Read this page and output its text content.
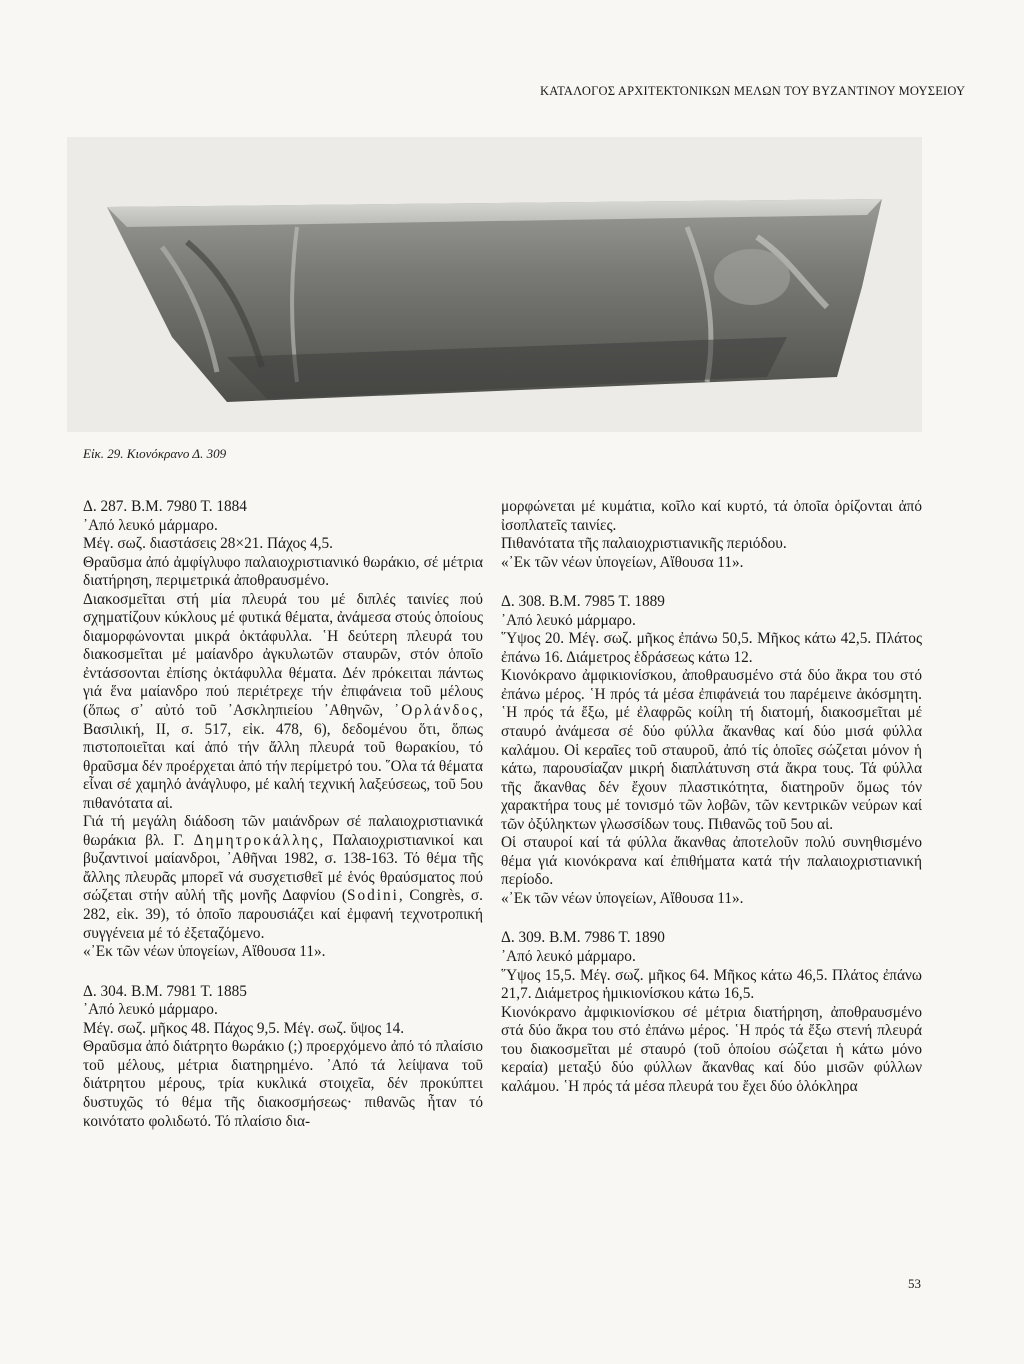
ΚΑΤΑΛΟΓΟΣ ΑΡΧΙΤΕΚΤΟΝΙΚΩΝ ΜΕΛΩΝ ΤΟΥ ΒΥΖΑΝΤΙΝΟΥ ΜΟΥΣΕΙΟΥ
Εἰκ. 29. Κιονόκρανο Δ. 309

Δ. 287. Β.Μ. 7980 Τ. 1884

᾿Από λευκό μάρμαρο.

Μέγ. σωζ. διαστάσεις 28×21. Πάχος 4,5.

Θραῦσμα ἀπό ἀμφίγλυφο παλαιοχριστιανικό θωράκιο, σέ μέτρια διατήρηση, περιμετρικά ἀποθραυσμένο.

Διακοσμεῖται στή μία πλευρά του μέ διπλές ταινίες πού σχηματίζουν κύκλους μέ φυτικά θέματα, ἀνάμεσα στούς ὁποίους διαμορφώνονται μικρά ὀκτάφυλλα. ῾Η δεύτερη πλευρά του διακοσμεῖται μέ μαίανδρο ἀγκυλωτῶν σταυρῶν, στόν ὁποῖο ἐντάσσονται ἐπίσης ὀκτάφυλλα θέματα. Δέν πρόκειται πάντως γιά ἕνα μαίανδρο πού περιέτρεχε τήν ἐπιφάνεια τοῦ μέλους (ὅπως σ᾿ αὐτό τοῦ ᾿Ασκληπιείου ᾿Αθηνῶν, ᾿Ορλάνδος, Βασιλική, ΙΙ, σ. 517, εἰκ. 478, 6), δεδομένου ὅτι, ὅπως πιστοποιεῖται καί ἀπό τήν ἄλλη πλευρά τοῦ θωρακίου, τό θραῦσμα δέν προέρχεται ἀπό τήν περίμετρό του. ῞Ολα τά θέματα εἶναι σέ χαμηλό ἀνάγλυφο, μέ καλή τεχνική λαξεύσεως, τοῦ 5ου πιθανότατα αἱ.

Γιά τή μεγάλη διάδοση τῶν μαιάνδρων σέ παλαιοχριστιανικά θωράκια βλ. Γ. Δημητροκάλλης, Παλαιοχριστιανικοί και βυζαντινοί μαίανδροι, ᾿Αθῆναι 1982, σ. 138-163. Τό θέμα τῆς ἄλλης πλευρᾶς μπορεῖ νά συσχετισθεῖ μέ ἑνός θραύσματος πού σώζεται στήν αὐλή τῆς μονῆς Δαφνίου (Sodini, Congrès, σ. 282, εἰκ. 39), τό ὁποῖο παρουσιάζει καί ἐμφανή τεχνοτροπική συγγένεια μέ τό ἐξεταζόμενο.

«᾿Εκ τῶν νέων ὑπογείων, Αἴθουσα 11».

Δ. 304. Β.Μ. 7981 Τ. 1885

᾿Από λευκό μάρμαρο.

Μέγ. σωζ. μῆκος 48. Πάχος 9,5. Μέγ. σωζ. ὕψος 14.

Θραῦσμα ἀπό διάτρητο θωράκιο (;) προερχόμενο ἀπό τό πλαίσιο τοῦ μέλους, μέτρια διατηρημένο. ᾿Από τά λείψανα τοῦ διάτρητου μέρους, τρία κυκλικά στοιχεῖα, δέν προκύπτει δυστυχῶς τό θέμα τῆς διακοσμήσεως· πιθανῶς ἦταν τό κοινότατο φολιδωτό. Τό πλαίσιο δια-

μορφώνεται μέ κυμάτια, κοῖλο καί κυρτό, τά ὁποῖα ὁρίζονται ἀπό ἰσοπλατεῖς ταινίες.

Πιθανότατα τῆς παλαιοχριστιανικῆς περιόδου.

«᾿Εκ τῶν νέων ὑπογείων, Αἴθουσα 11».

Δ. 308. Β.Μ. 7985 Τ. 1889

᾿Από λευκό μάρμαρο.

῞Υψος 20. Μέγ. σωζ. μῆκος ἐπάνω 50,5. Μῆκος κάτω 42,5. Πλάτος ἐπάνω 16. Διάμετρος ἑδράσεως κάτω 12.

Κιονόκρανο ἀμφικιονίσκου, ἀποθραυσμένο στά δύο ἄκρα του στό ἐπάνω μέρος. ῾Η πρός τά μέσα ἐπιφάνειά του παρέμεινε ἀκόσμητη. ῾Η πρός τά ἔξω, μέ ἐλαφρῶς κοίλη τή διατομή, διακοσμεῖται μέ σταυρό ἀνάμεσα σέ δύο φύλλα ἄκανθας καί δύο μισά φύλλα καλάμου. Οἱ κεραῖες τοῦ σταυροῦ, ἀπό τίς ὁποῖες σώζεται μόνον ἡ κάτω, παρουσίαζαν μικρή διαπλάτυνση στά ἄκρα τους. Τά φύλλα τῆς ἄκανθας δέν ἔχουν πλαστικότητα, διατηροῦν ὅμως τόν χαρακτήρα τους μέ τονισμό τῶν λοβῶν, τῶν κεντρικῶν νεύρων καί τῶν ὀξύληκτων γλωσσίδων τους. Πιθανῶς τοῦ 5ου αἱ.

Οἱ σταυροί καί τά φύλλα ἄκανθας ἀποτελοῦν πολύ συνηθισμένο θέμα γιά κιονόκρανα καί ἐπιθήματα κατά τήν παλαιοχριστιανική περίοδο.

«᾿Εκ τῶν νέων ὑπογείων, Αἴθουσα 11».

Δ. 309. Β.Μ. 7986 Τ. 1890

᾿Από λευκό μάρμαρο.

῞Υψος 15,5. Μέγ. σωζ. μῆκος 64. Μῆκος κάτω 46,5. Πλάτος ἐπάνω 21,7. Διάμετρος ἡμικιονίσκου κάτω 16,5.

Κιονόκρανο ἀμφικιονίσκου σέ μέτρια διατήρηση, ἀποθραυσμένο στά δύο ἄκρα του στό ἐπάνω μέρος. ῾Η πρός τά ἔξω στενή πλευρά του διακοσμεῖται μέ σταυρό (τοῦ ὁποίου σώζεται ἡ κάτω μόνο κεραία) μεταξύ δύο φύλλων ἄκανθας καί δύο μισῶν φύλλων καλάμου. ῾Η πρός τά μέσα πλευρά του ἔχει δύο ὁλόκληρα

53
